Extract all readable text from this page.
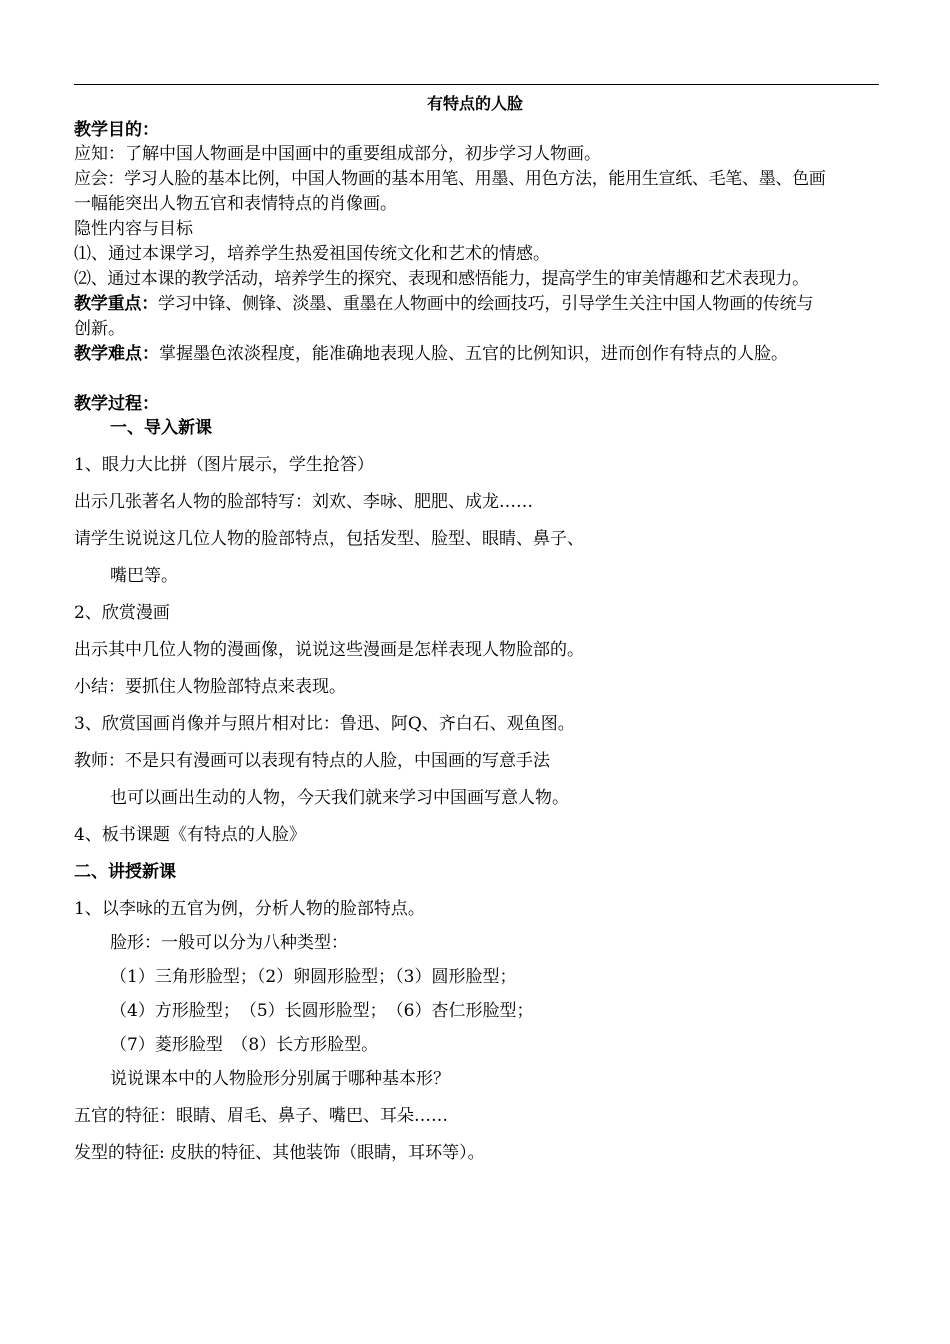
有特点的人脸
教学目的：
应知：了解中国人物画是中国画中的重要组成部分，初步学习人物画。
应会：学习人脸的基本比例，中国人物画的基本用笔、用墨、用色方法，能用生宣纸、毛笔、墨、色画
一幅能突出人物五官和表情特点的肖像画。
隐性内容与目标
⑴、通过本课学习，培养学生热爱祖国传统文化和艺术的情感。
⑵、通过本课的教学活动，培养学生的探究、表现和感悟能力，提高学生的审美情趣和艺术表现力。
教学重点：学习中锋、侧锋、淡墨、重墨在人物画中的绘画技巧，引导学生关注中国人物画的传统与
创新。
教学难点：掌握墨色浓淡程度，能准确地表现人脸、五官的比例知识，进而创作有特点的人脸。
教学过程：
一、导入新课
1、眼力大比拼（图片展示，学生抢答）
出示几张著名人物的脸部特写：刘欢、李咏、肥肥、成龙……
请学生说说这几位人物的脸部特点，包括发型、脸型、眼睛、鼻子、
嘴巴等。
2、欣赏漫画
出示其中几位人物的漫画像，说说这些漫画是怎样表现人物脸部的。
小结：要抓住人物脸部特点来表现。
3、欣赏国画肖像并与照片相对比：鲁迅、阿Q、齐白石、观鱼图。
教师：不是只有漫画可以表现有特点的人脸，中国画的写意手法
也可以画出生动的人物，今天我们就来学习中国画写意人物。
4、板书课题《有特点的人脸》
二、讲授新课
1、以李咏的五官为例，分析人物的脸部特点。
脸形：一般可以分为八种类型：
（1）三角形脸型；（2）卵圆形脸型；（3）圆形脸型；
（4）方形脸型；　（5）长圆形脸型；　（6）杏仁形脸型；
（7）菱形脸型　（8）长方形脸型。
说说课本中的人物脸形分别属于哪种基本形？
五官的特征：眼睛、眉毛、鼻子、嘴巴、耳朵……
发型的特征: 皮肤的特征、其他装饰（眼睛，耳环等）。
